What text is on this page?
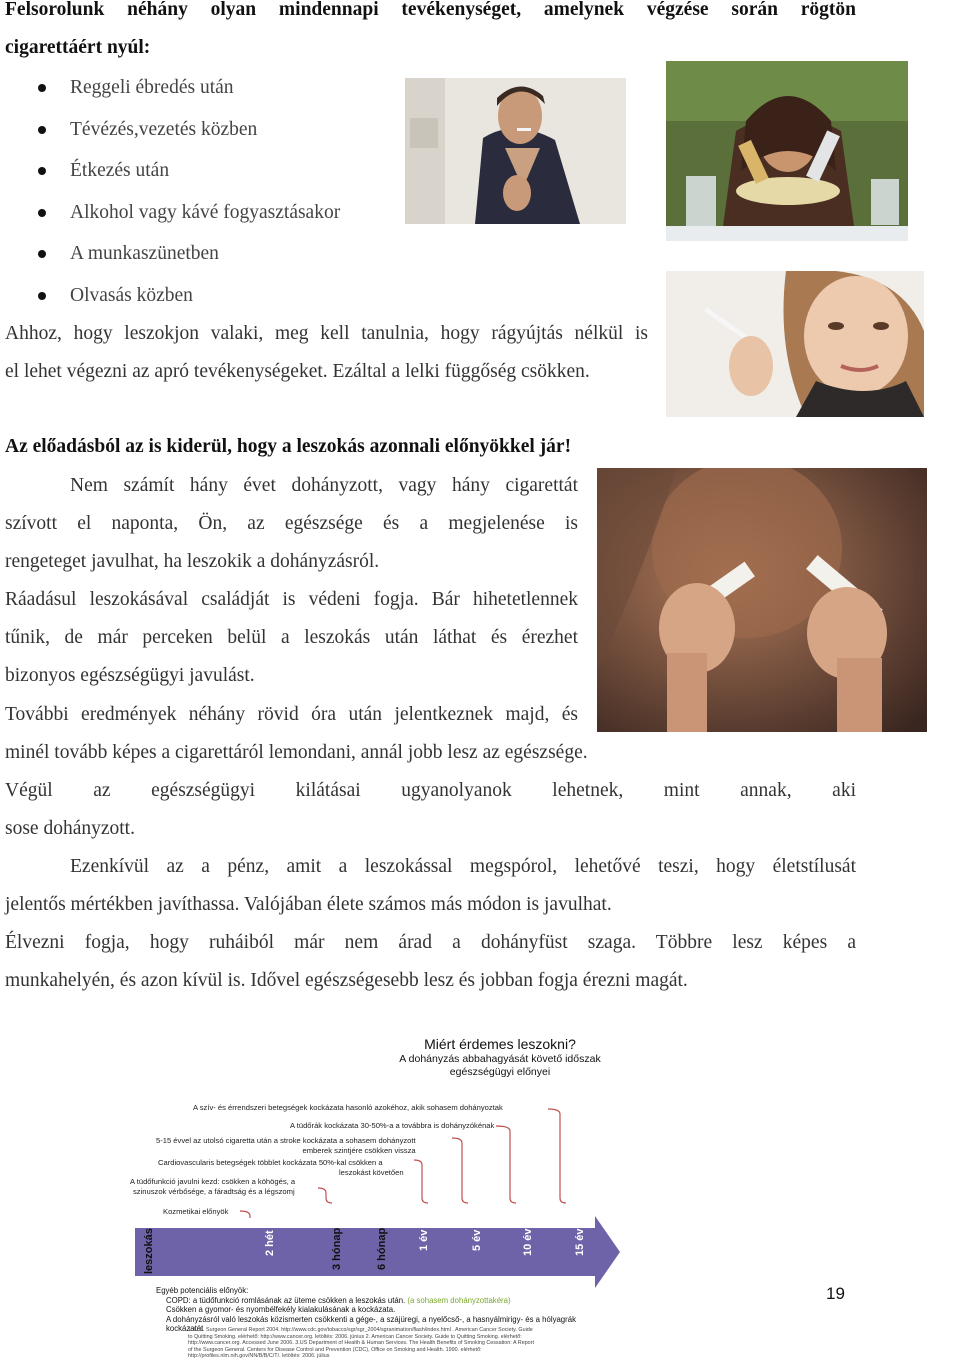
Felsorolunk néhány olyan mindennapi tevékenységet, amelynek végzése során rögtön
cigarettáért nyúl:
Reggeli ébredés után
Tévézés,vezetés közben
Étkezés után
Alkohol vagy kávé fogyasztásakor
A munkaszünetben
Olvasás közben
Ahhoz, hogy leszokjon valaki, meg kell tanulnia, hogy rágyújtás nélkül is
el lehet végezni az apró tevékenységeket. Ezáltal a lelki függőség csökken.
Az előadásból az is kiderül, hogy a leszokás azonnali előnyökkel jár!
Nem számít hány évet dohányzott, vagy hány cigarettát
szívott el naponta, Ön, az egészsége és a megjelenése is
rengeteget javulhat, ha leszokik a dohányzásról.
Ráadásul leszokásával családját is védeni fogja. Bár hihetetlennek
tűnik, de már perceken belül a leszokás után láthat és érezhet
bizonyos egészségügyi javulást.
További eredmények néhány rövid óra után jelentkeznek majd, és
minél tovább képes a cigarettáról lemondani, annál jobb lesz az egészsége.
Végül az egészségügyi kilátásai ugyanolyanok lehetnek, mint annak, aki
sose dohányzott.
Ezenkívül az a pénz, amit a leszokással megspórol, lehetővé teszi, hogy életstílusát
jelentős mértékben javíthassa. Valójában élete számos más módon is javulhat.
Élvezni fogja, hogy ruháiból már nem árad a dohányfüst szaga. Többre lesz képes a
munkahelyén, és azon kívül is. Idővel egészségesebb lesz és jobban fogja érezni magát.
Miért érdemes leszokni?
A dohányzás abbahagyását követő időszak
egészségügyi előnyei
A szív- és érrendszeri betegségek kockázata hasonló azokéhoz, akik sohasem dohányoztak
A tüdőrák kockázata 30-50%-a a továbbra is dohányzókénak
5-15 évvel az utolsó cigaretta után a stroke kockázata a sohasem dohányzott
emberek szintjére csökken vissza
Cardiovascularis betegségek többlet kockázata 50%-kal csökken a
leszokást követően
A tüdőfunkció javulni kezd: csökken a köhögés, a
szinuszok vérbősége, a fáradtság és a légszomj
Kozmetikai előnyök
leszokás	2 hét	3 hónap	6 hónap	1 év	5 év	10 év	15 év
Egyéb potenciális előnyök:
COPD: a tüdőfunkció romlásának az üteme csökken a leszokás után. (a sohasem dohányzottakéra)
Csökken a gyomor- és nyombélfekély kialakulásának a kockázata.
A dohányzásról való leszokás közismerten csökkenti a gége-, a szájüregi, a nyelőcső-, a hasnyálmirigy- és a hólyagrák
kockázatát
1. U.S. Surgeon General Report 2004. http://www.cdc.gov/tobacco/sgr/sgr_2004/sgranimation/flash/index.html . American Cancer Society. Guide
to Quitting Smoking. elérhető: http://www.cancer.org. letöltés: 2006. június 2. American Cancer Society. Guide to Quitting Smoking. elérhető:
http://www.cancer.org. Accessed June 2006. 3.US Department of Health & Human Services. The Health Benefits of Smoking Cessation: A Report
of the Surgeon General. Centers for Disease Control and Prevention (CDC), Office on Smoking and Health. 1990. elérhető:
http://profiles.nlm.nih.gov/NN/B/B/C/T/. letöltés: 2006. július
19
